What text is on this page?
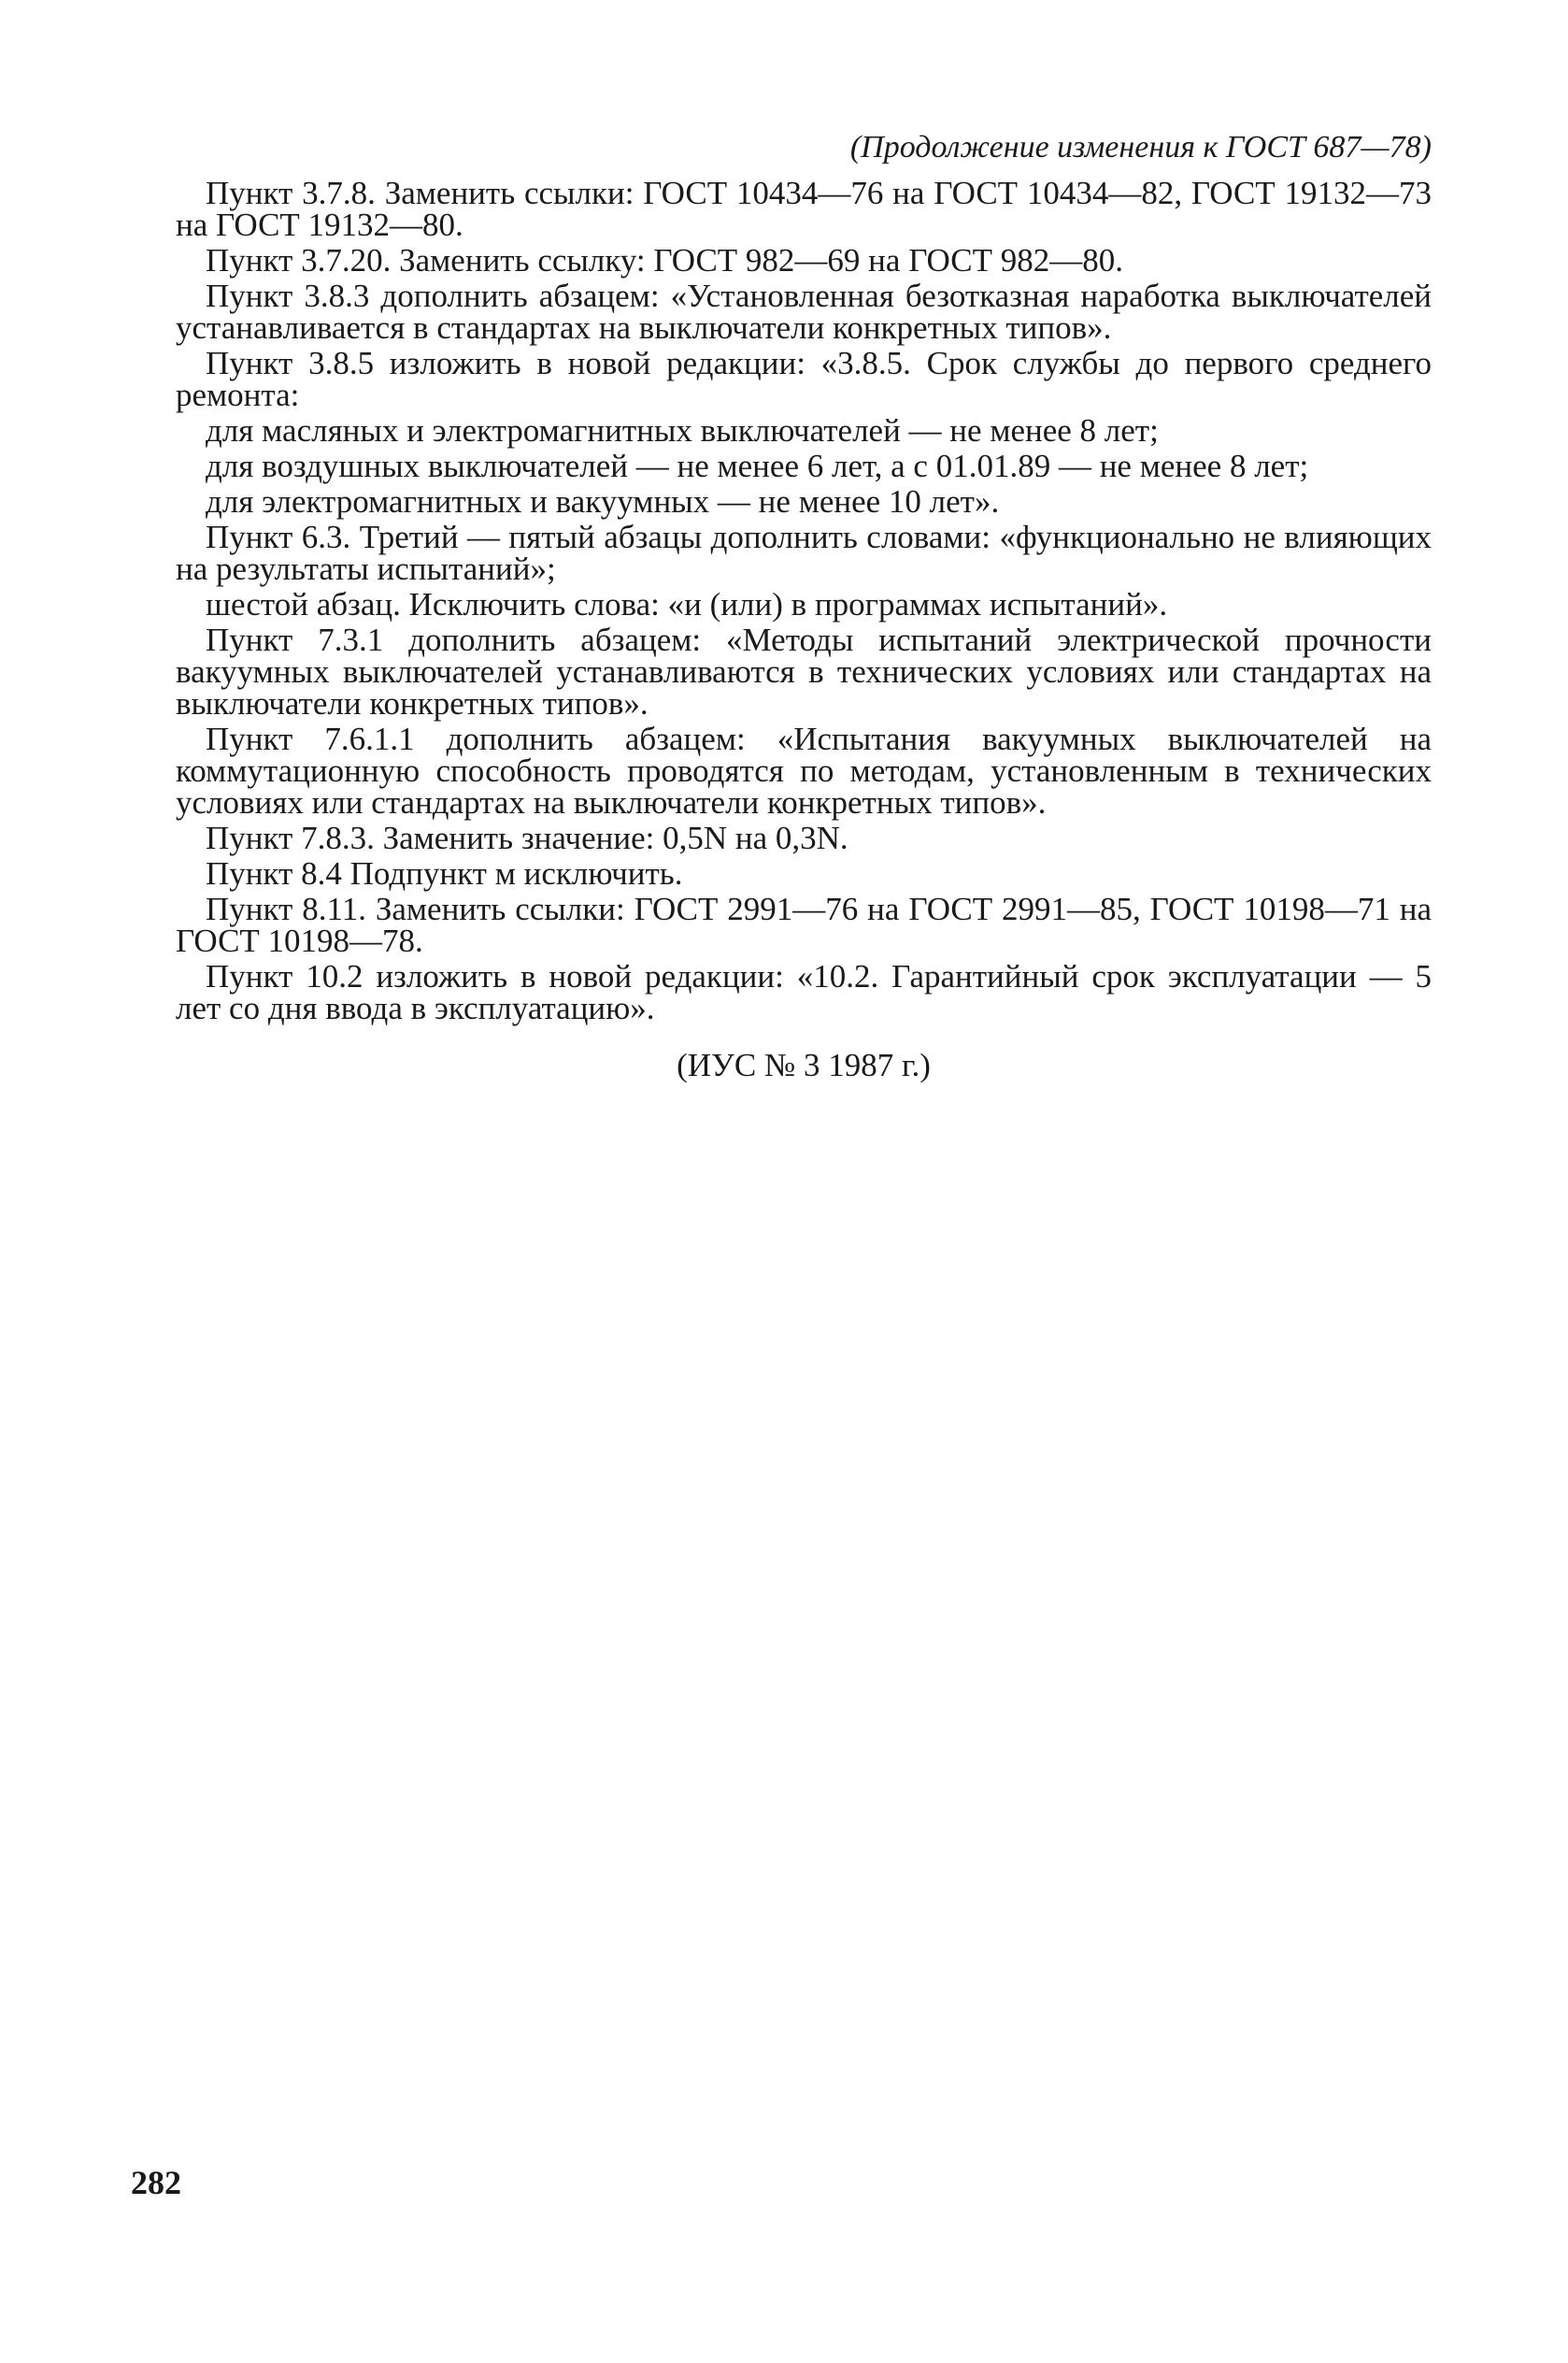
(Продолжение изменения к ГОСТ 687—78)

Пункт 3.7.8. Заменить ссылки: ГОСТ 10434—76 на ГОСТ 10434—82, ГОСТ 19132—73 на ГОСТ 19132—80.

Пункт 3.7.20. Заменить ссылку: ГОСТ 982—69 на ГОСТ 982—80.

Пункт 3.8.3 дополнить абзацем: «Установленная безотказная наработка выключателей устанавливается в стандартах на выключатели конкретных типов».

Пункт 3.8.5 изложить в новой редакции: «3.8.5. Срок службы до первого среднего ремонта:

для масляных и электромагнитных выключателей — не менее 8 лет;

для воздушных выключателей — не менее 6 лет, а с 01.01.89 — не менее 8 лет;

для электромагнитных и вакуумных — не менее 10 лет».

Пункт 6.3. Третий — пятый абзацы дополнить словами: «функционально не влияющих на результаты испытаний»;

шестой абзац. Исключить слова: «и (или) в программах испытаний».

Пункт 7.3.1 дополнить абзацем: «Методы испытаний электрической прочности вакуумных выключателей устанавливаются в технических условиях или стандартах на выключатели конкретных типов».

Пункт 7.6.1.1 дополнить абзацем: «Испытания вакуумных выключателей на коммутационную способность проводятся по методам, установленным в технических условиях или стандартах на выключатели конкретных типов».

Пункт 7.8.3. Заменить значение: 0,5N на 0,3N.

Пункт 8.4 Подпункт м исключить.

Пункт 8.11. Заменить ссылки: ГОСТ 2991—76 на ГОСТ 2991—85, ГОСТ 10198—71 на ГОСТ 10198—78.

Пункт 10.2 изложить в новой редакции: «10.2. Гарантийный срок эксплуатации — 5 лет со дня ввода в эксплуатацию».

(ИУС № 3 1987 г.)
282
